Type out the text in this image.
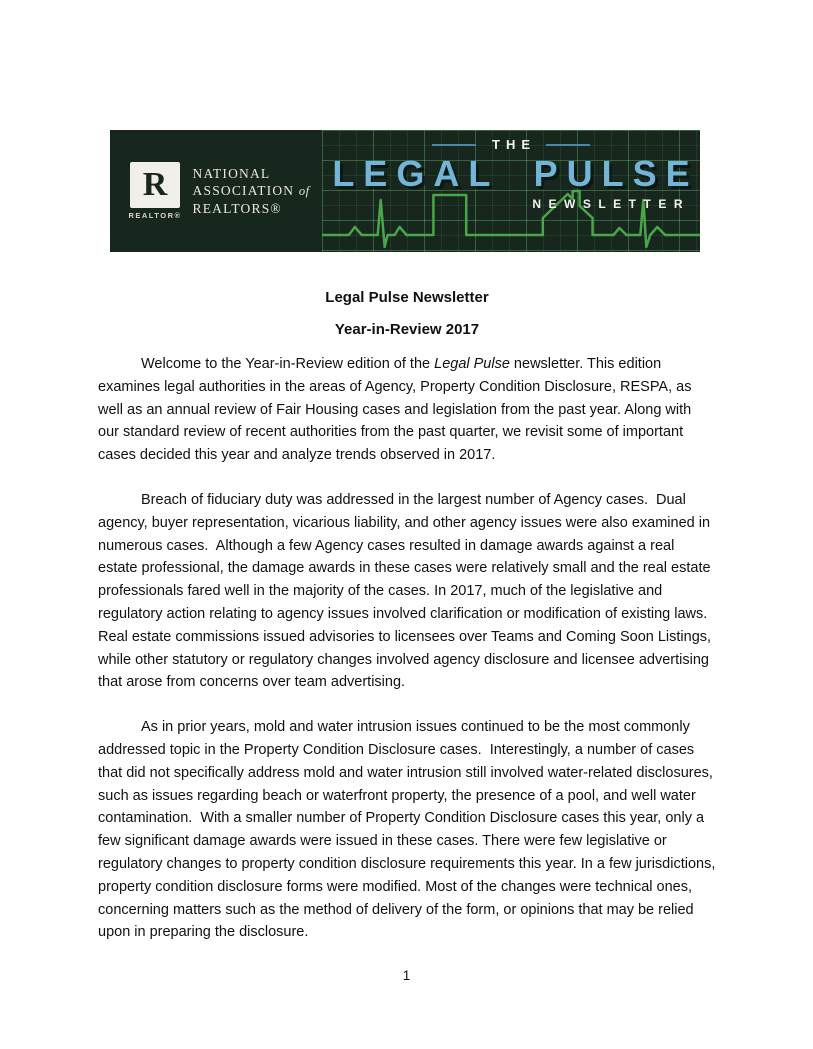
R
REALTOR®
NATIONAL
ASSOCIATION of
REALTORS®
THE
LEGAL PULSE
NEWSLETTER
Legal Pulse Newsletter
Year-in-Review 2017

Welcome to the Year-in-Review edition of the Legal Pulse newsletter. This edition examines legal authorities in the areas of Agency, Property Condition Disclosure, RESPA, as well as an annual review of Fair Housing cases and legislation from the past year. Along with our standard review of recent authorities from the past quarter, we revisit some of important cases decided this year and analyze trends observed in 2017.

Breach of fiduciary duty was addressed in the largest number of Agency cases.  Dual agency, buyer representation, vicarious liability, and other agency issues were also examined in numerous cases.  Although a few Agency cases resulted in damage awards against a real estate professional, the damage awards in these cases were relatively small and the real estate professionals fared well in the majority of the cases. In 2017, much of the legislative and regulatory action relating to agency issues involved clarification or modification of existing laws. Real estate commissions issued advisories to licensees over Teams and Coming Soon Listings, while other statutory or regulatory changes involved agency disclosure and licensee advertising that arose from concerns over team advertising.

As in prior years, mold and water intrusion issues continued to be the most commonly addressed topic in the Property Condition Disclosure cases.  Interestingly, a number of cases that did not specifically address mold and water intrusion still involved water-related disclosures, such as issues regarding beach or waterfront property, the presence of a pool, and well water contamination.  With a smaller number of Property Condition Disclosure cases this year, only a few significant damage awards were issued in these cases. There were few legislative or regulatory changes to property condition disclosure requirements this year. In a few jurisdictions, property condition disclosure forms were modified. Most of the changes were technical ones, concerning matters such as the method of delivery of the form, or opinions that may be relied upon in preparing the disclosure.

1
